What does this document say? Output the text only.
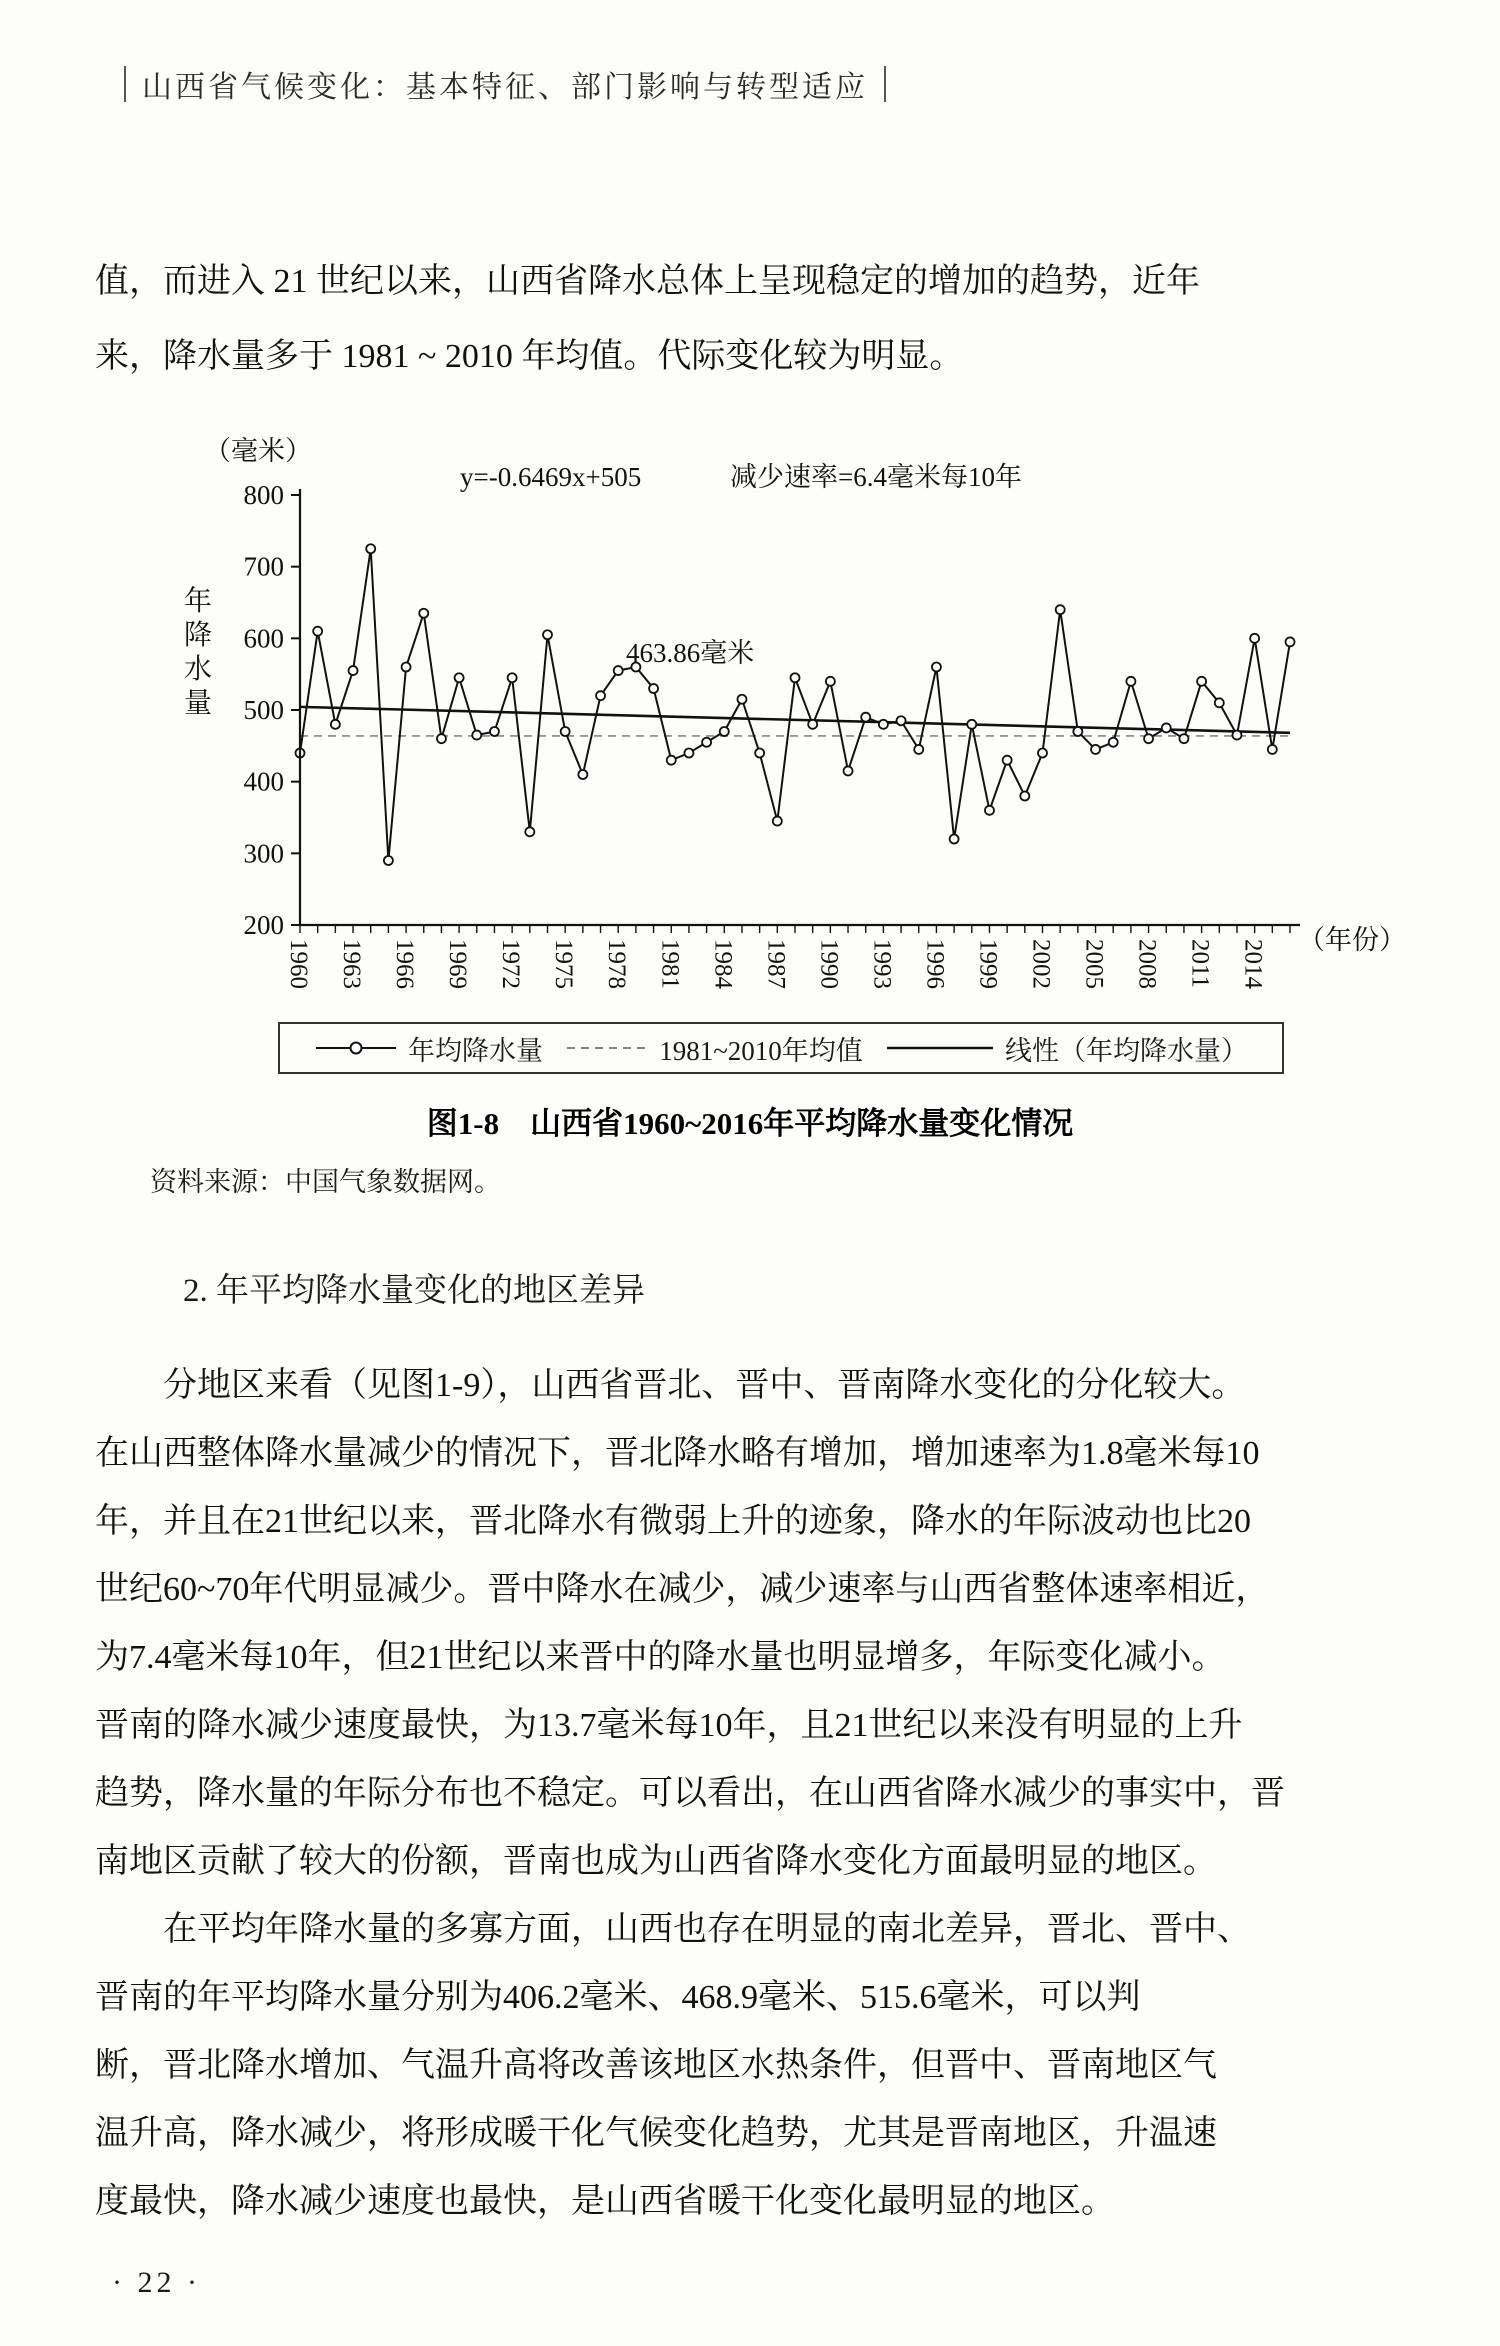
山西省气候变化：基本特征、部门影响与转型适应
值，而进入 21 世纪以来，山西省降水总体上呈现稳定的增加的趋势，近年
来，降水量多于 1981 ~ 2010 年均值。代际变化较为明显。
800
700
600
500
400
300
200
1960 1963 1966 1969 1972 1975 1978 1981 1984 1987 1990 1993 1996 1999 2002 2005 2008 2011 2014
（毫米）
年
降
水
量
y=-0.6469x+505	减少速率=6.4毫米每10年
463.86毫米
（年份）
年均降水量	1981~2010年均值	线性（年均降水量）
图1-8　山西省1960~2016年平均降水量变化情况
资料来源：中国气象数据网。
2. 年平均降水量变化的地区差异
分地区来看（见图1-9），山西省晋北、晋中、晋南降水变化的分化较大。
在山西整体降水量减少的情况下，晋北降水略有增加，增加速率为1.8毫米每10
年，并且在21世纪以来，晋北降水有微弱上升的迹象，降水的年际波动也比20
世纪60~70年代明显减少。晋中降水在减少，减少速率与山西省整体速率相近，
为7.4毫米每10年，但21世纪以来晋中的降水量也明显增多，年际变化减小。
晋南的降水减少速度最快，为13.7毫米每10年，且21世纪以来没有明显的上升
趋势，降水量的年际分布也不稳定。可以看出，在山西省降水减少的事实中，晋
南地区贡献了较大的份额，晋南也成为山西省降水变化方面最明显的地区。
在平均年降水量的多寡方面，山西也存在明显的南北差异，晋北、晋中、
晋南的年平均降水量分别为406.2毫米、468.9毫米、515.6毫米，可以判
断，晋北降水增加、气温升高将改善该地区水热条件，但晋中、晋南地区气
温升高，降水减少，将形成暖干化气候变化趋势，尤其是晋南地区，升温速
度最快，降水减少速度也最快，是山西省暖干化变化最明显的地区。
· 22 ·
